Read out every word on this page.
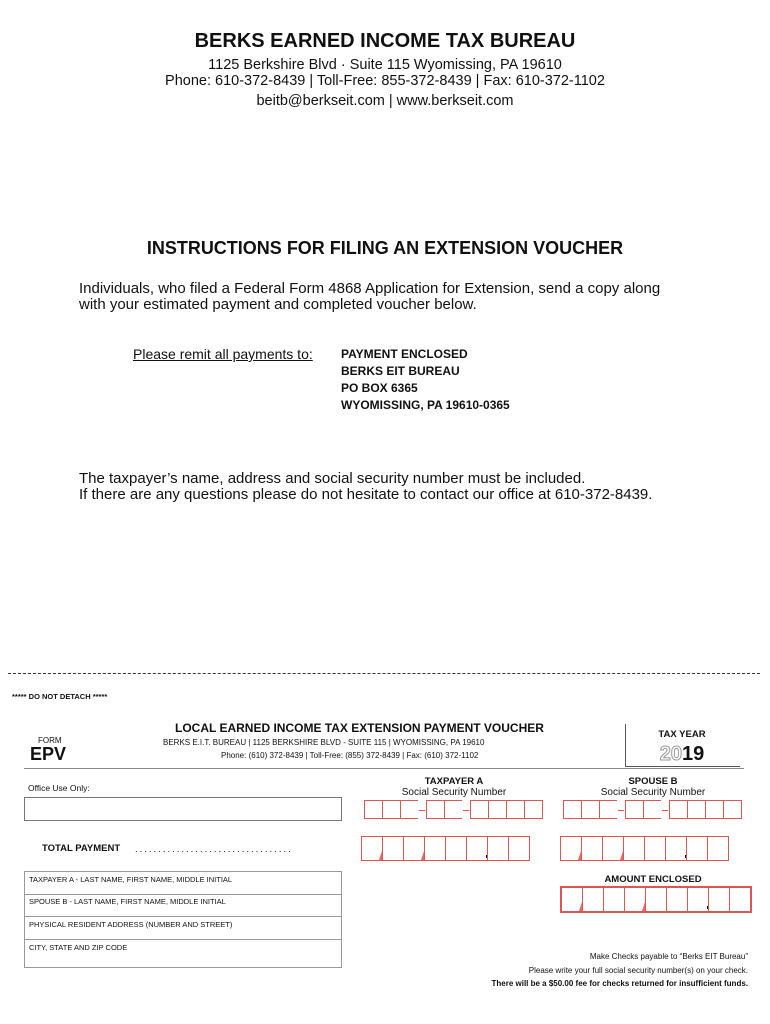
BERKS EARNED INCOME TAX BUREAU
1125 Berkshire Blvd · Suite 115 Wyomissing, PA 19610
Phone: 610-372-8439 | Toll-Free: 855-372-8439 | Fax: 610-372-1102
beitb@berkseit.com | www.berkseit.com
INSTRUCTIONS FOR FILING AN EXTENSION VOUCHER
Individuals, who filed a Federal Form 4868 Application for Extension, send a copy along
with your estimated payment and completed voucher below.
Please remit all payments to: PAYMENT ENCLOSED
BERKS EIT BUREAU
PO BOX 6365
WYOMISSING, PA 19610-0365
The taxpayer’s name, address and social security number must be included.
If there are any questions please do not hesitate to contact our office at 610-372-8439.
***** DO NOT DETACH *****
LOCAL EARNED INCOME TAX EXTENSION PAYMENT VOUCHER
BERKS E.I.T. BUREAU | 1125 BERKSHIRE BLVD - SUITE 115 | WYOMISSING, PA 19610
Phone: (610) 372-8439 | Toll-Free: (855) 372-8439 | Fax: (610) 372-1102
FORM
EPV
TAX YEAR
2019
Office Use Only:
TAXPAYER A
Social Security Number
SPOUSE B
Social Security Number
TOTAL PAYMENT ..................................
TAXPAYER A - LAST NAME, FIRST NAME, MIDDLE INITIAL
SPOUSE B - LAST NAME, FIRST NAME, MIDDLE INITIAL
PHYSICAL RESIDENT ADDRESS (NUMBER AND STREET)
CITY, STATE AND ZIP CODE
AMOUNT ENCLOSED
Make Checks payable to “Berks EIT Bureau”
Please write your full social security number(s) on your check.
There will be a $50.00 fee for checks returned for insufficient funds.
